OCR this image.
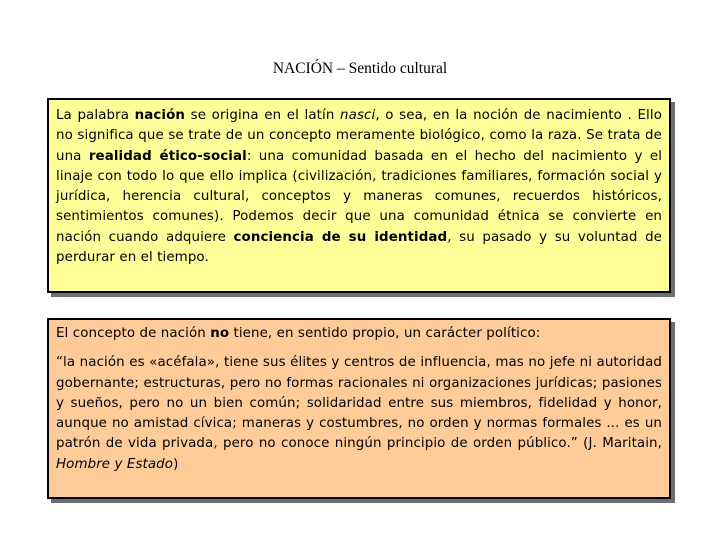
NACIÓN – Sentido cultural

La palabra nación se origina en el latín nasci, o sea, en la noción de nacimiento . Ello no significa que se trate de un concepto meramente biológico, como la raza. Se trata de una realidad ético-social: una comunidad basada en el hecho del nacimiento y el linaje con todo lo que ello implica (civilización, tradiciones familiares, formación social y jurídica, herencia cultural, conceptos y maneras comunes, recuerdos históricos, sentimientos comunes). Podemos decir que una comunidad étnica se convierte en nación cuando adquiere conciencia de su identidad, su pasado y su voluntad de perdurar en el tiempo.

El concepto de nación no tiene, en sentido propio, un carácter político:

“la nación es «acéfala», tiene sus élites y centros de influencia, mas no jefe ni autoridad gobernante; estructuras, pero no formas racionales ni organizaciones jurídicas; pasiones y sueños, pero no un bien común; solidaridad entre sus miembros, fidelidad y honor, aunque no amistad cívica; maneras y costumbres, no orden y normas formales ... es un patrón de vida privada, pero no conoce ningún principio de orden público.” (J. Maritain, Hombre y Estado)
